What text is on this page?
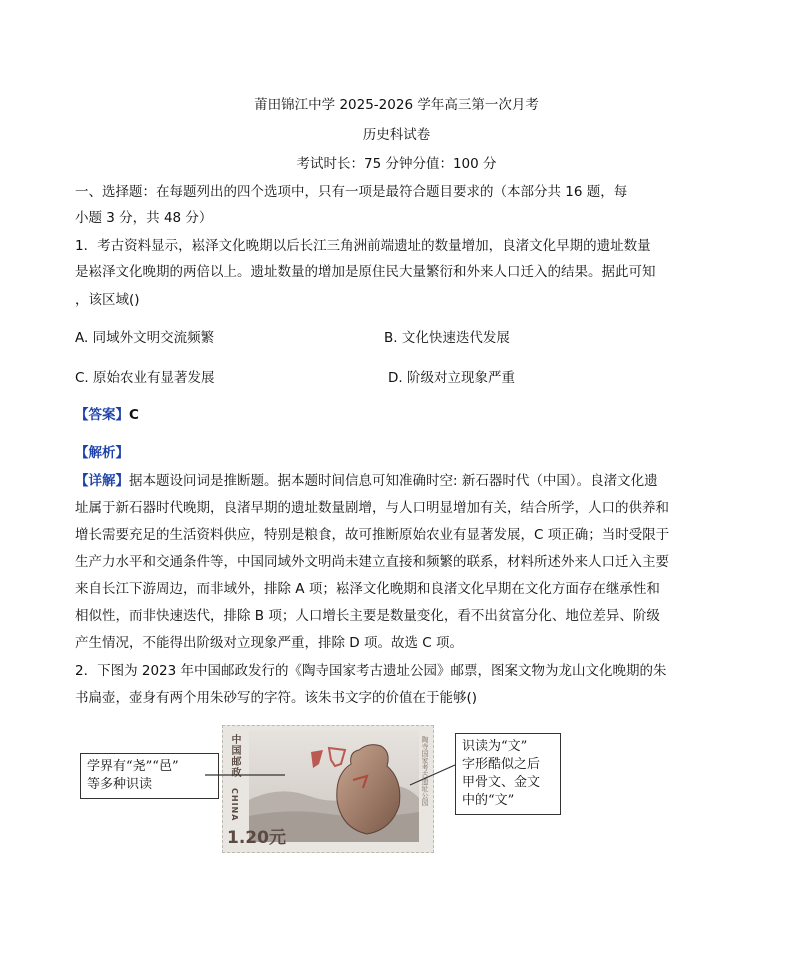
莆田锦江中学 2025-2026 学年高三第一次月考
历史科试卷
考试时长：75 分钟分值：100 分
一、选择题：在每题列出的四个选项中，只有一项是最符合题目要求的（本部分共 16 题，每
小题 3 分，共 48 分）
1．考古资料显示，崧泽文化晚期以后长江三角洲前端遗址的数量增加，良渚文化早期的遗址数量
是崧泽文化晚期的两倍以上。遗址数量的增加是原住民大量繁衍和外来人口迁入的结果。据此可知
，该区域()
A. 同域外文明交流频繁	B. 文化快速迭代发展
C. 原始农业有显著发展	D. 阶级对立现象严重
【答案】C
【解析】
【详解】据本题设问词是推断题。据本题时间信息可知准确时空: 新石器时代（中国）。良渚文化遗
址属于新石器时代晚期，良渚早期的遗址数量剧增，与人口明显增加有关，结合所学，人口的供养和
增长需要充足的生活资料供应，特别是粮食，故可推断原始农业有显著发展，C 项正确；当时受限于
生产力水平和交通条件等，中国同域外文明尚未建立直接和频繁的联系，材料所述外来人口迁入主要
来自长江下游周边，而非域外，排除 A 项；崧泽文化晚期和良渚文化早期在文化方面存在继承性和
相似性，而非快速迭代，排除 B 项；人口增长主要是数量变化，看不出贫富分化、地位差异、阶级
产生情况，不能得出阶级对立现象严重，排除 D 项。故选 C 项。
2．下图为 2023 年中国邮政发行的《陶寺国家考古遗址公园》邮票，图案文物为龙山文化晚期的朱
书扁壶，壶身有两个用朱砂写的字符。该朱书文字的价值在于能够()
学界有“尧”“邑”
等多种识读
中国邮政
CHINA	陶寺国家考古遗址公园
1.20元
识读为“文”
字形酷似之后
甲骨文、金文
中的“文”
